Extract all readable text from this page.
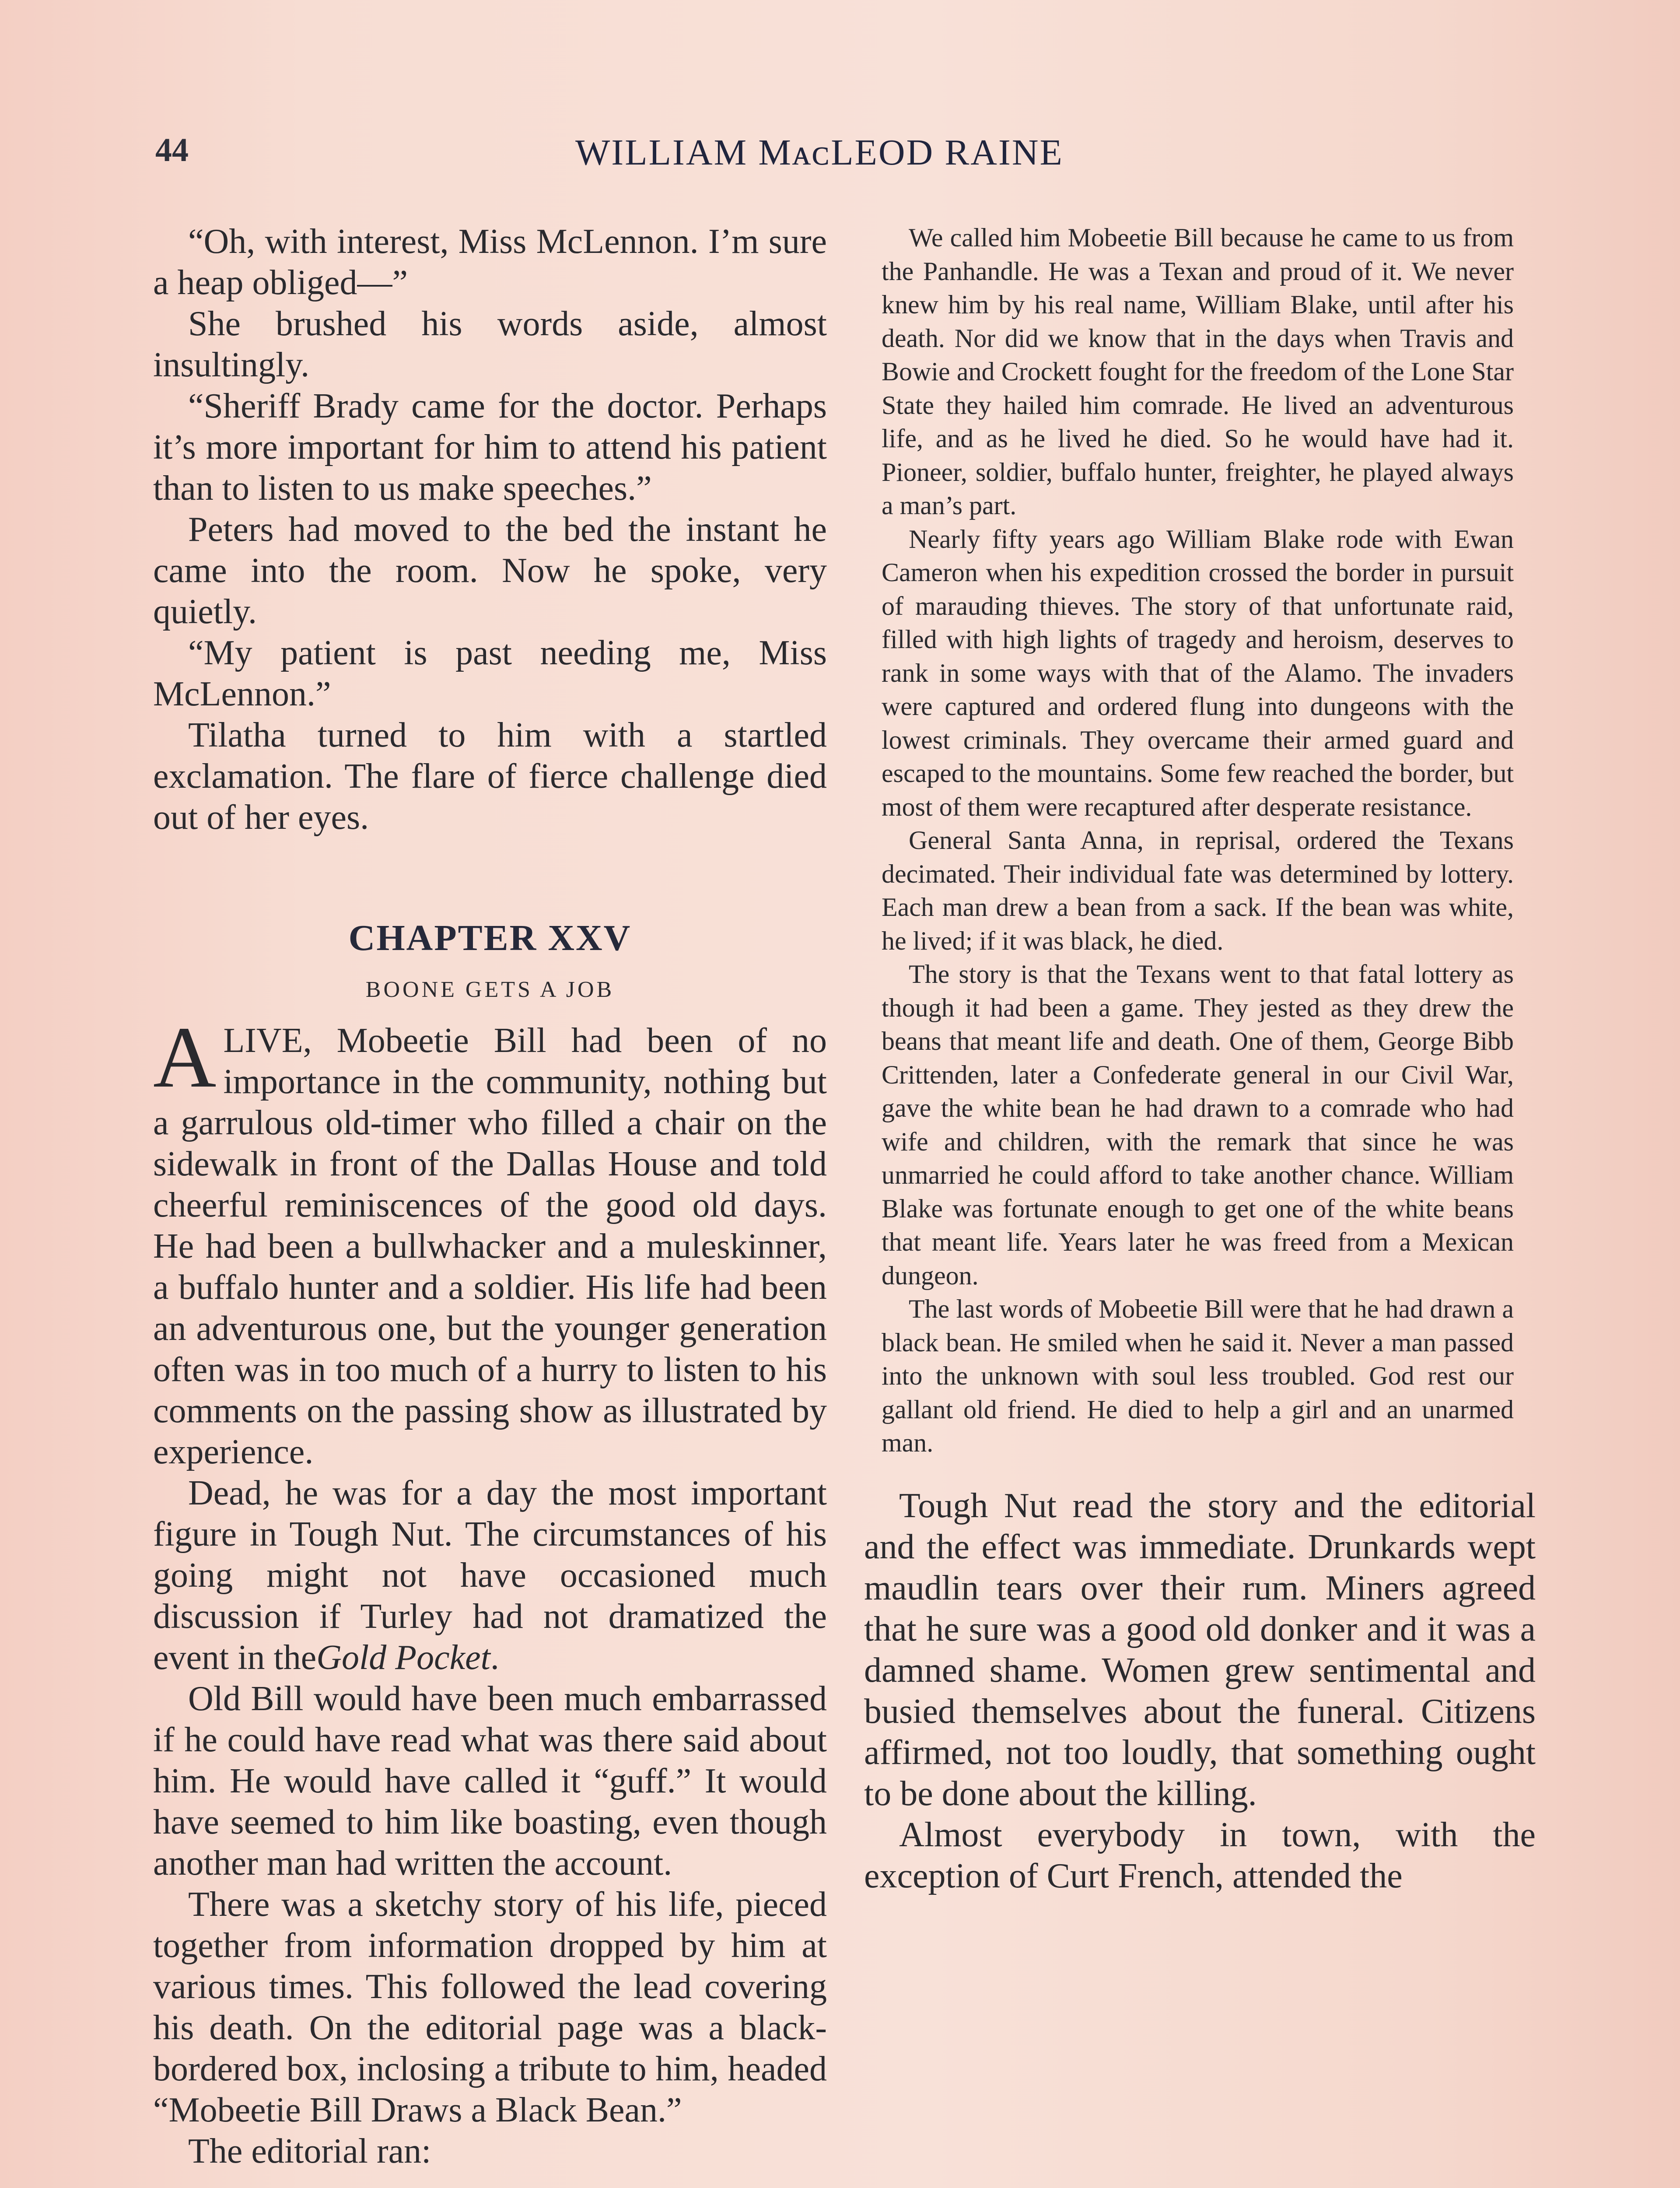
44	WILLIAM MᴀᴄLEOD RAINE

“Oh, with interest, Miss McLennon. I’m sure a heap obliged—”

She brushed his words aside, almost insultingly.

“Sheriff Brady came for the doctor. Perhaps it’s more important for him to attend his patient than to listen to us make speeches.”

Peters had moved to the bed the instant he came into the room. Now he spoke, very quietly.

“My patient is past needing me, Miss McLennon.”

Tilatha turned to him with a startled exclamation. The flare of fierce challenge died out of her eyes.

CHAPTER XXV
BOONE GETS A JOB

ALIVE, Mobeetie Bill had been of no importance in the community, nothing but a garrulous old-timer who filled a chair on the sidewalk in front of the Dallas House and told cheerful reminiscences of the good old days. He had been a bullwhacker and a muleskinner, a buffalo hunter and a soldier. His life had been an adventurous one, but the younger generation often was in too much of a hurry to listen to his comments on the passing show as illustrated by experience.

Dead, he was for a day the most important figure in Tough Nut. The circumstances of his going might not have occasioned much discussion if Turley had not dramatized the event in theGold Pocket.

Old Bill would have been much embarrassed if he could have read what was there said about him. He would have called it “guff.” It would have seemed to him like boasting, even though another man had written the account.

There was a sketchy story of his life, pieced together from information dropped by him at various times. This followed the lead covering his death. On the editorial page was a black-bordered box, inclosing a tribute to him, headed “Mobeetie Bill Draws a Black Bean.”

The editorial ran:

We called him Mobeetie Bill because he came to us from the Panhandle. He was a Texan and proud of it. We never knew him by his real name, William Blake, until after his death. Nor did we know that in the days when Travis and Bowie and Crockett fought for the freedom of the Lone Star State they hailed him comrade. He lived an adventurous life, and as he lived he died. So he would have had it. Pioneer, soldier, buffalo hunter, freighter, he played always a man’s part.

Nearly fifty years ago William Blake rode with Ewan Cameron when his expedition crossed the border in pursuit of marauding thieves. The story of that unfortunate raid, filled with high lights of tragedy and heroism, deserves to rank in some ways with that of the Alamo. The invaders were captured and ordered flung into dungeons with the lowest criminals. They overcame their armed guard and escaped to the mountains. Some few reached the border, but most of them were recaptured after desperate resistance.

General Santa Anna, in reprisal, ordered the Texans decimated. Their individual fate was determined by lottery. Each man drew a bean from a sack. If the bean was white, he lived; if it was black, he died.

The story is that the Texans went to that fatal lottery as though it had been a game. They jested as they drew the beans that meant life and death. One of them, George Bibb Crittenden, later a Confederate general in our Civil War, gave the white bean he had drawn to a comrade who had wife and children, with the remark that since he was unmarried he could afford to take another chance. William Blake was fortunate enough to get one of the white beans that meant life. Years later he was freed from a Mexican dungeon.

The last words of Mobeetie Bill were that he had drawn a black bean. He smiled when he said it. Never a man passed into the unknown with soul less troubled. God rest our gallant old friend. He died to help a girl and an unarmed man.

Tough Nut read the story and the editorial and the effect was immediate. Drunkards wept maudlin tears over their rum. Miners agreed that he sure was a good old donker and it was a damned shame. Women grew sentimental and busied themselves about the funeral. Citizens affirmed, not too loudly, that something ought to be done about the killing.

Almost everybody in town, with the exception of Curt French, attended the
